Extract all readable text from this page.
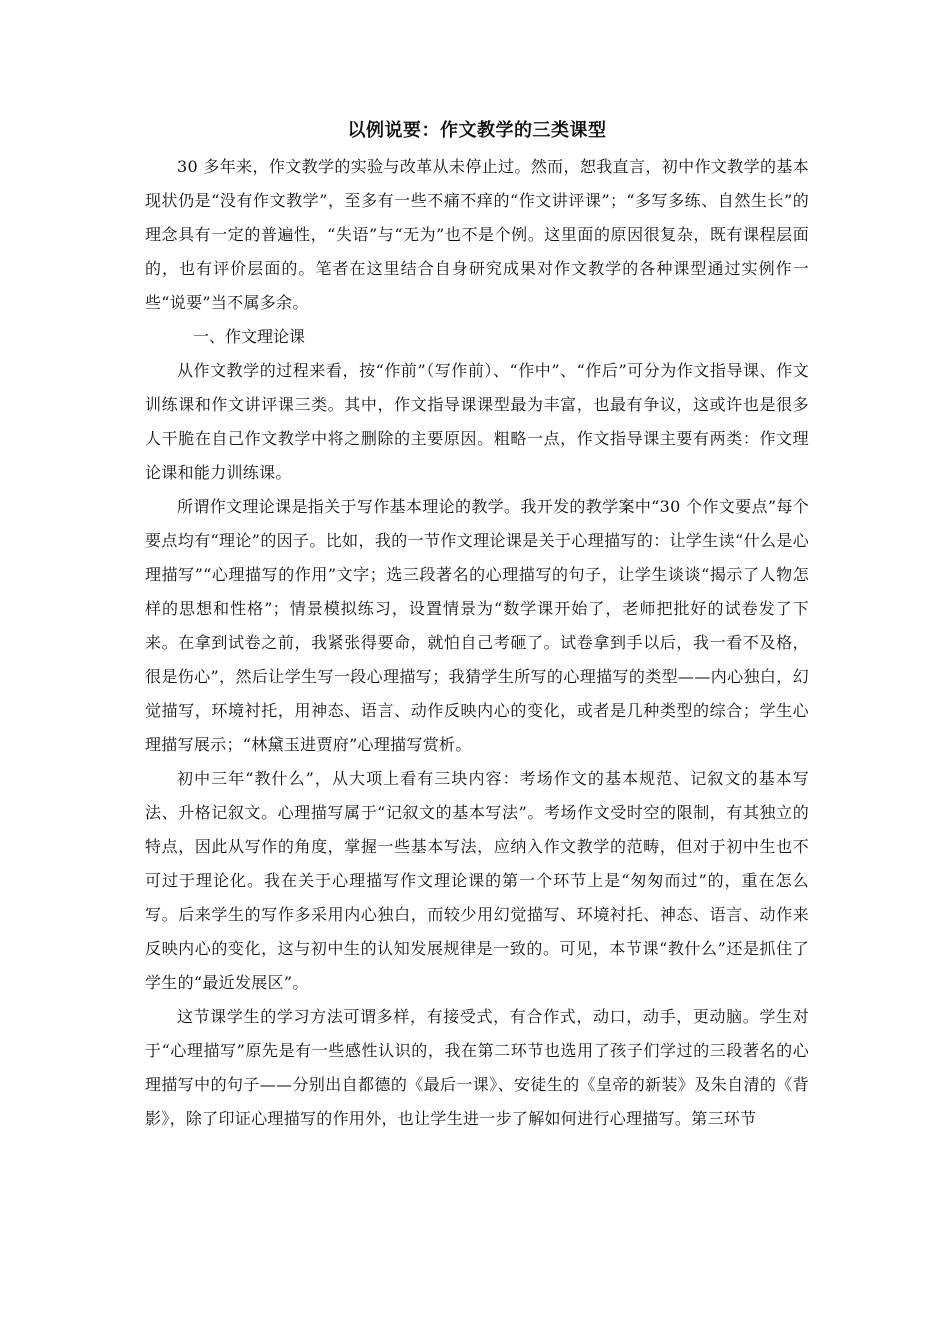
以例说要：作文教学的三类课型

30 多年来，作文教学的实验与改革从未停止过。然而，恕我直言，初中作文教学的基本现状仍是“没有作文教学”，至多有一些不痛不痒的“作文讲评课”；“多写多练、自然生长”的理念具有一定的普遍性，“失语”与“无为”也不是个例。这里面的原因很复杂，既有课程层面的，也有评价层面的。笔者在这里结合自身研究成果对作文教学的各种课型通过实例作一些“说要”当不属多余。

一、作文理论课

从作文教学的过程来看，按“作前”（写作前）、“作中”、“作后”可分为作文指导课、作文训练课和作文讲评课三类。其中，作文指导课课型最为丰富，也最有争议，这或许也是很多人干脆在自己作文教学中将之删除的主要原因。粗略一点，作文指导课主要有两类：作文理论课和能力训练课。

所谓作文理论课是指关于写作基本理论的教学。我开发的教学案中“30 个作文要点”每个要点均有“理论”的因子。比如，我的一节作文理论课是关于心理描写的：让学生读“什么是心理描写”“心理描写的作用”文字；选三段著名的心理描写的句子，让学生谈谈“揭示了人物怎样的思想和性格”；情景模拟练习，设置情景为“数学课开始了，老师把批好的试卷发了下来。在拿到试卷之前，我紧张得要命，就怕自己考砸了。试卷拿到手以后，我一看不及格，很是伤心”，然后让学生写一段心理描写；我猜学生所写的心理描写的类型——内心独白，幻觉描写，环境衬托，用神态、语言、动作反映内心的变化，或者是几种类型的综合；学生心理描写展示；“林黛玉进贾府”心理描写赏析。

初中三年“教什么”，从大项上看有三块内容：考场作文的基本规范、记叙文的基本写法、升格记叙文。心理描写属于“记叙文的基本写法”。考场作文受时空的限制，有其独立的特点，因此从写作的角度，掌握一些基本写法，应纳入作文教学的范畴，但对于初中生也不可过于理论化。我在关于心理描写作文理论课的第一个环节上是“匆匆而过”的，重在怎么写。后来学生的写作多采用内心独白，而较少用幻觉描写、环境衬托、神态、语言、动作来反映内心的变化，这与初中生的认知发展规律是一致的。可见，本节课“教什么”还是抓住了学生的“最近发展区”。

这节课学生的学习方法可谓多样，有接受式，有合作式，动口，动手，更动脑。学生对于“心理描写”原先是有一些感性认识的，我在第二环节也选用了孩子们学过的三段著名的心理描写中的句子——分别出自都德的《最后一课》、安徒生的《皇帝的新装》及朱自清的《背影》，除了印证心理描写的作用外，也让学生进一步了解如何进行心理描写。第三环节
